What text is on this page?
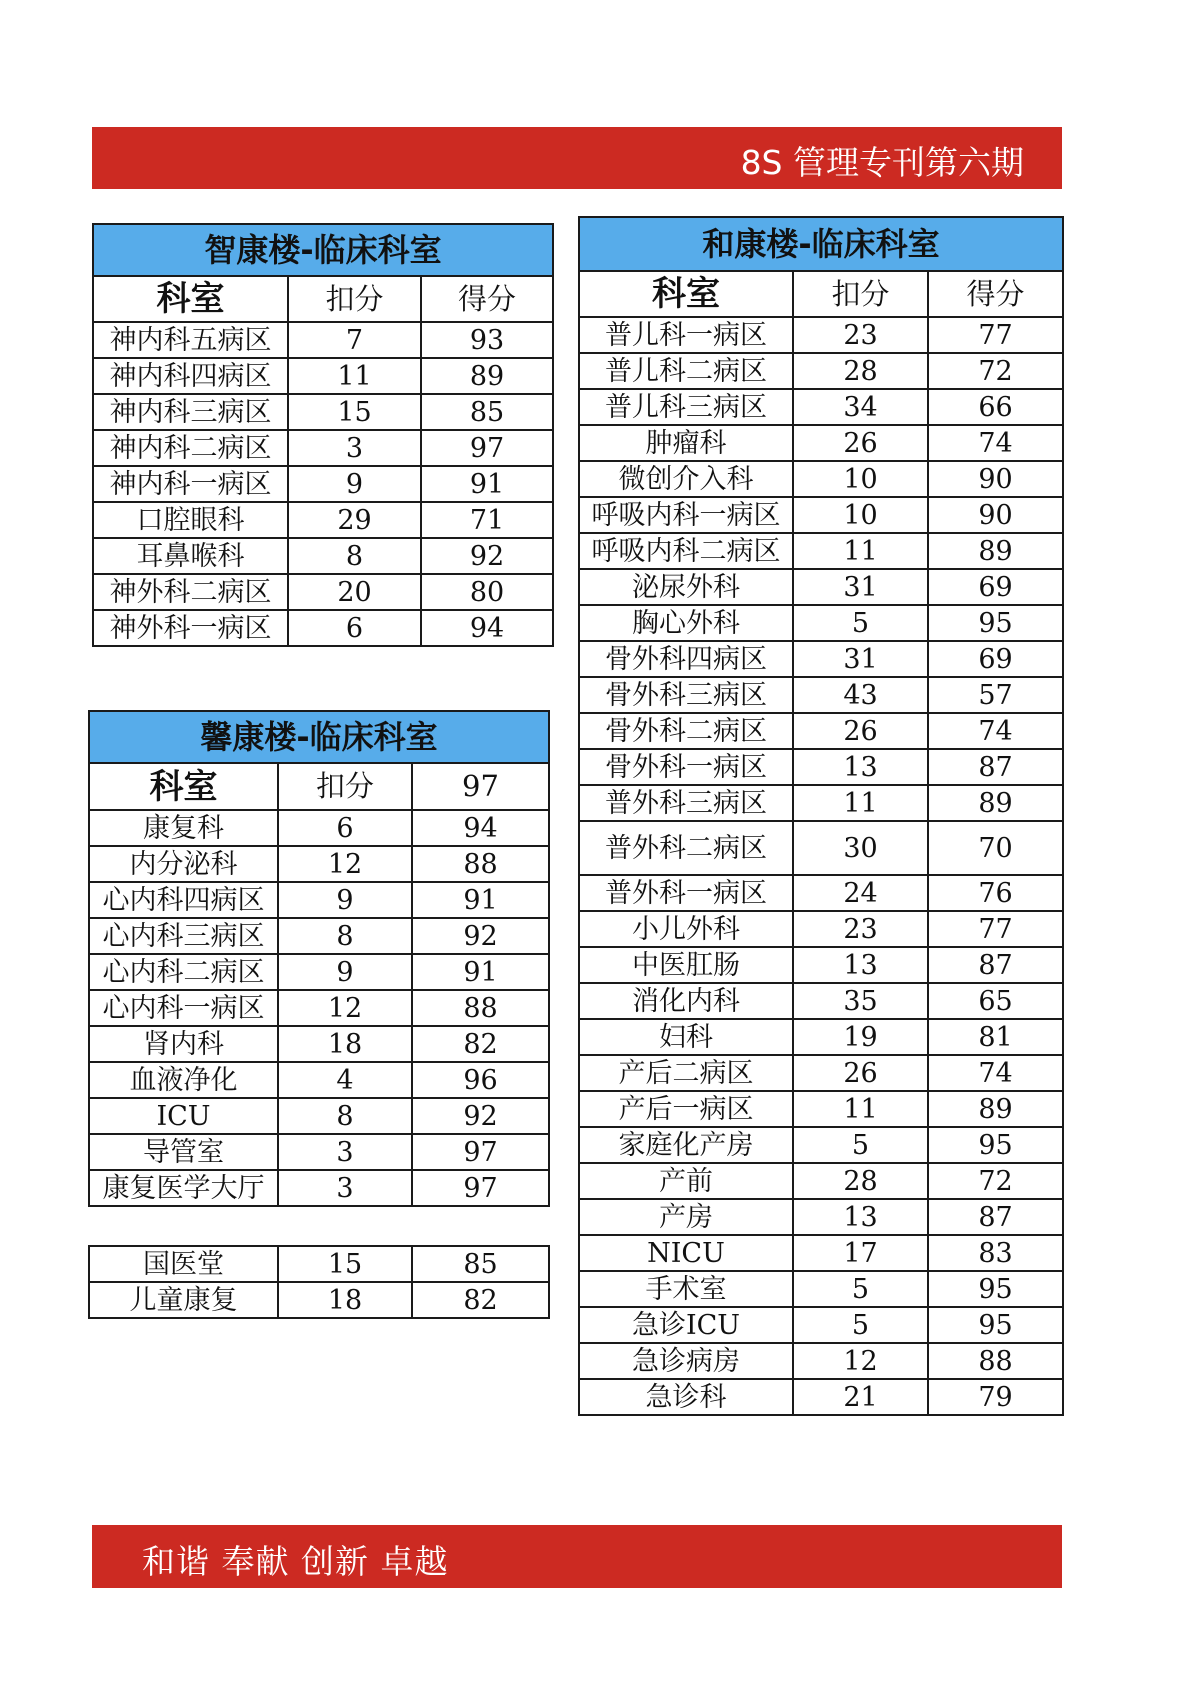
8S 管理专刊第六期
智康楼-临床科室		
科室	扣分	得分
神内科五病区	7	93
神内科四病区	11	89
神内科三病区	15	85
神内科二病区	3	97
神内科一病区	9	91
口腔眼科	29	71
耳鼻喉科	8	92
神外科二病区	20	80
神外科一病区	6	94
馨康楼-临床科室		
科室	扣分	97
康复科	6	94
内分泌科	12	88
心内科四病区	9	91
心内科三病区	8	92
心内科二病区	9	91
心内科一病区	12	88
肾内科	18	82
血液净化	4	96
ICU	8	92
导管室	3	97
康复医学大厅	3	97
国医堂	15	85
儿童康复	18	82
和康楼-临床科室		
科室	扣分	得分
普儿科一病区	23	77
普儿科二病区	28	72
普儿科三病区	34	66
肿瘤科	26	74
微创介入科	10	90
呼吸内科一病区	10	90
呼吸内科二病区	11	89
泌尿外科	31	69
胸心外科	5	95
骨外科四病区	31	69
骨外科三病区	43	57
骨外科二病区	26	74
骨外科一病区	13	87
普外科三病区	11	89
普外科二病区	30	70
普外科一病区	24	76
小儿外科	23	77
中医肛肠	13	87
消化内科	35	65
妇科	19	81
产后二病区	26	74
产后一病区	11	89
家庭化产房	5	95
产前	28	72
产房	13	87
NICU	17	83
手术室	5	95
急诊ICU	5	95
急诊病房	12	88
急诊科	21	79
和谐 奉献 创新 卓越
